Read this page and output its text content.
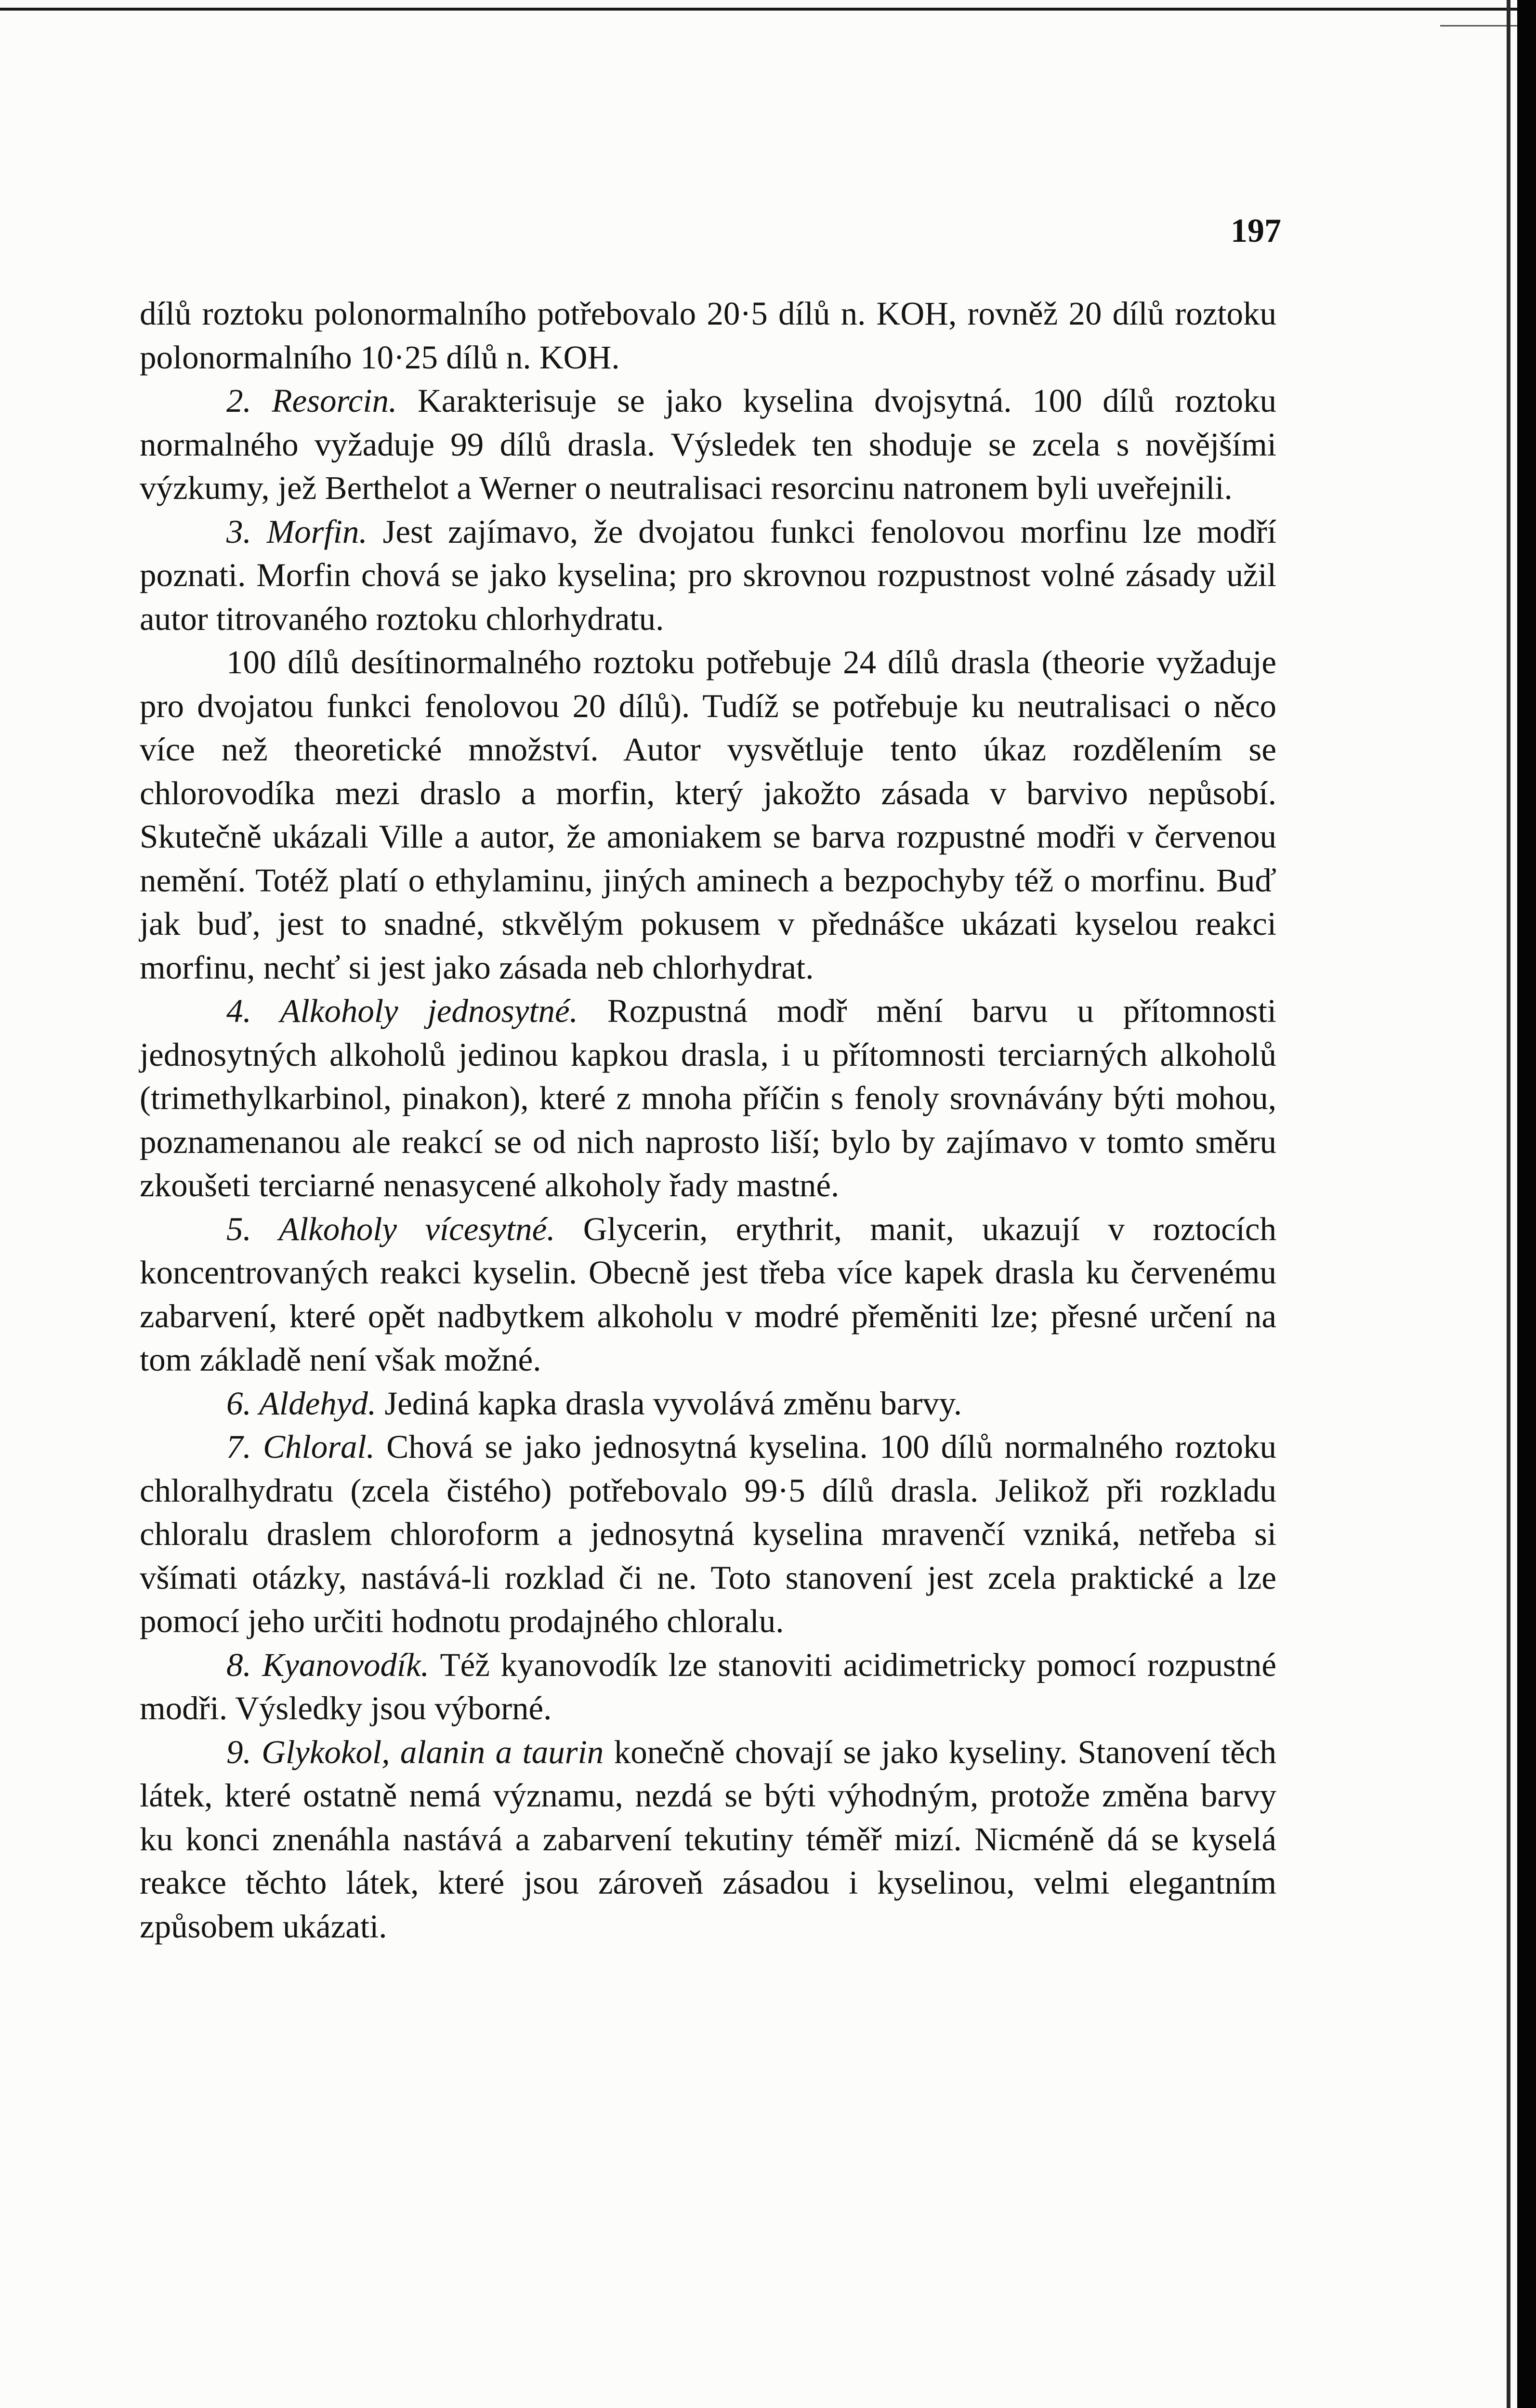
197

dílů roztoku polonormalního potřebovalo 20·5 dílů n. KOH, rovněž 20 dílů roztoku polonormalního 10·25 dílů n. KOH.

2. Resorcin. Karakterisuje se jako kyselina dvojsytná. 100 dílů roztoku normalného vyžaduje 99 dílů drasla. Výsledek ten shoduje se zcela s novějšími výzkumy, jež Berthelot a Werner o neutralisaci resorcinu natronem byli uveřejnili.

3. Morfin. Jest zajímavo, že dvojatou funkci fenolovou morfinu lze modří poznati. Morfin chová se jako kyselina; pro skrovnou rozpustnost volné zásady užil autor titrovaného roztoku chlorhydratu.

100 dílů desítinormalného roztoku potřebuje 24 dílů drasla (theorie vyžaduje pro dvojatou funkci fenolovou 20 dílů). Tudíž se potřebuje ku neutralisaci o něco více než theoretické množství. Autor vysvětluje tento úkaz rozdělením se chlorovodíka mezi draslo a morfin, který jakožto zásada v barvivo nepůsobí. Skutečně ukázali Ville a autor, že amoniakem se barva rozpustné modři v červenou nemění. Totéž platí o ethylaminu, jiných aminech a bezpochyby též o morfinu. Buď jak buď, jest to snadné, stkvělým pokusem v přednášce ukázati kyselou reakci morfinu, nechť si jest jako zásada neb chlorhydrat.

4. Alkoholy jednosytné. Rozpustná modř mění barvu u přítomnosti jednosytných alkoholů jedinou kapkou drasla, i u přítomnosti terciarných alkoholů (trimethylkarbinol, pinakon), které z mnoha příčin s fenoly srovnávány býti mohou, poznamenanou ale reakcí se od nich naprosto liší; bylo by zajímavo v tomto směru zkoušeti terciarné nenasycené alkoholy řady mastné.

5. Alkoholy vícesytné. Glycerin, erythrit, manit, ukazují v roztocích koncentrovaných reakci kyselin. Obecně jest třeba více kapek drasla ku červenému zabarvení, které opět nadbytkem alkoholu v modré přeměniti lze; přesné určení na tom základě není však možné.

6. Aldehyd. Jediná kapka drasla vyvolává změnu barvy.

7. Chloral. Chová se jako jednosytná kyselina. 100 dílů normalného roztoku chloralhydratu (zcela čistého) potřebovalo 99·5 dílů drasla. Jelikož při rozkladu chloralu draslem chloroform a jednosytná kyselina mravenčí vzniká, netřeba si všímati otázky, nastává-li rozklad či ne. Toto stanovení jest zcela praktické a lze pomocí jeho určiti hodnotu prodajného chloralu.

8. Kyanovodík. Též kyanovodík lze stanoviti acidimetricky pomocí rozpustné modři. Výsledky jsou výborné.

9. Glykokol, alanin a taurin konečně chovají se jako kyseliny. Stanovení těch látek, které ostatně nemá významu, nezdá se býti výhodným, protože změna barvy ku konci znenáhla nastává a zabarvení tekutiny téměř mizí. Nicméně dá se kyselá reakce těchto látek, které jsou zároveň zásadou i kyselinou, velmi elegantním způsobem ukázati.
